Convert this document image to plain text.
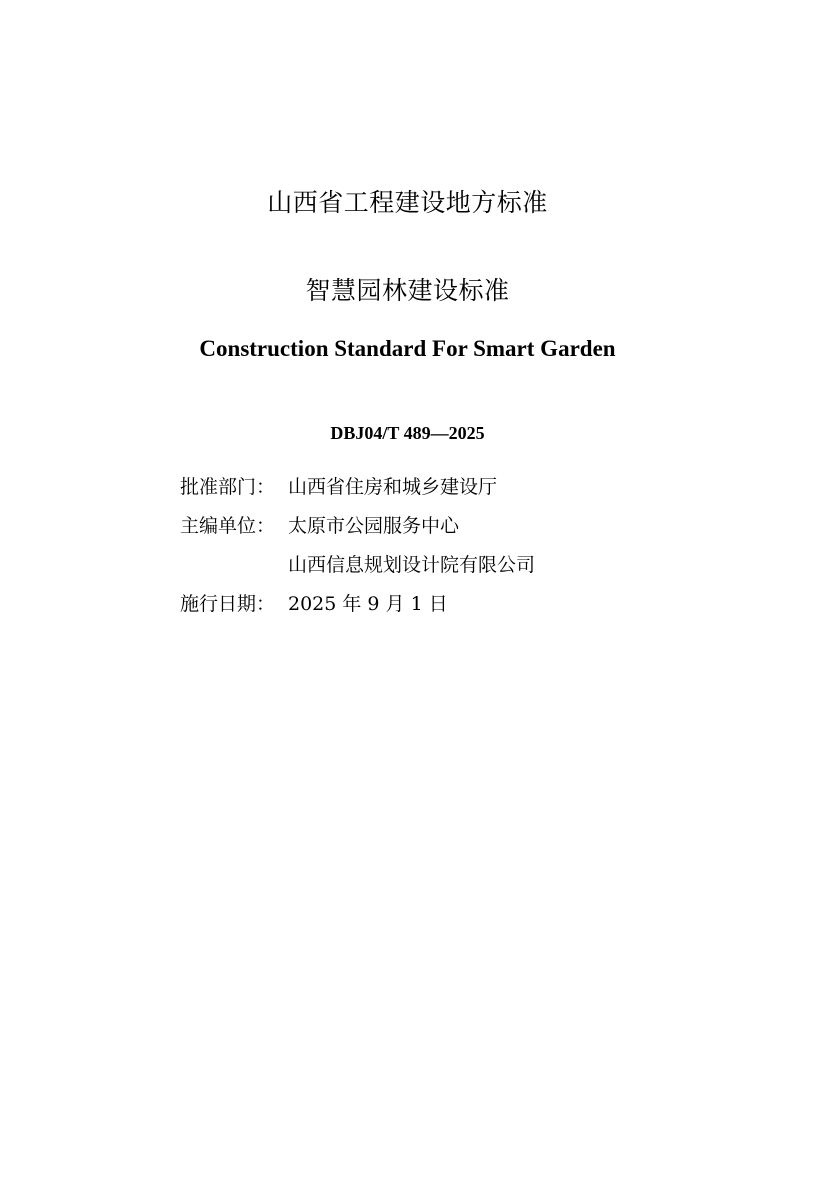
山西省工程建设地方标准
智慧园林建设标准
Construction Standard For Smart Garden
DBJ04/T 489—2025
批准部门： 山西省住房和城乡建设厅
主编单位： 太原市公园服务中心
山西信息规划设计院有限公司
施行日期： 2025 年 9 月 1 日
